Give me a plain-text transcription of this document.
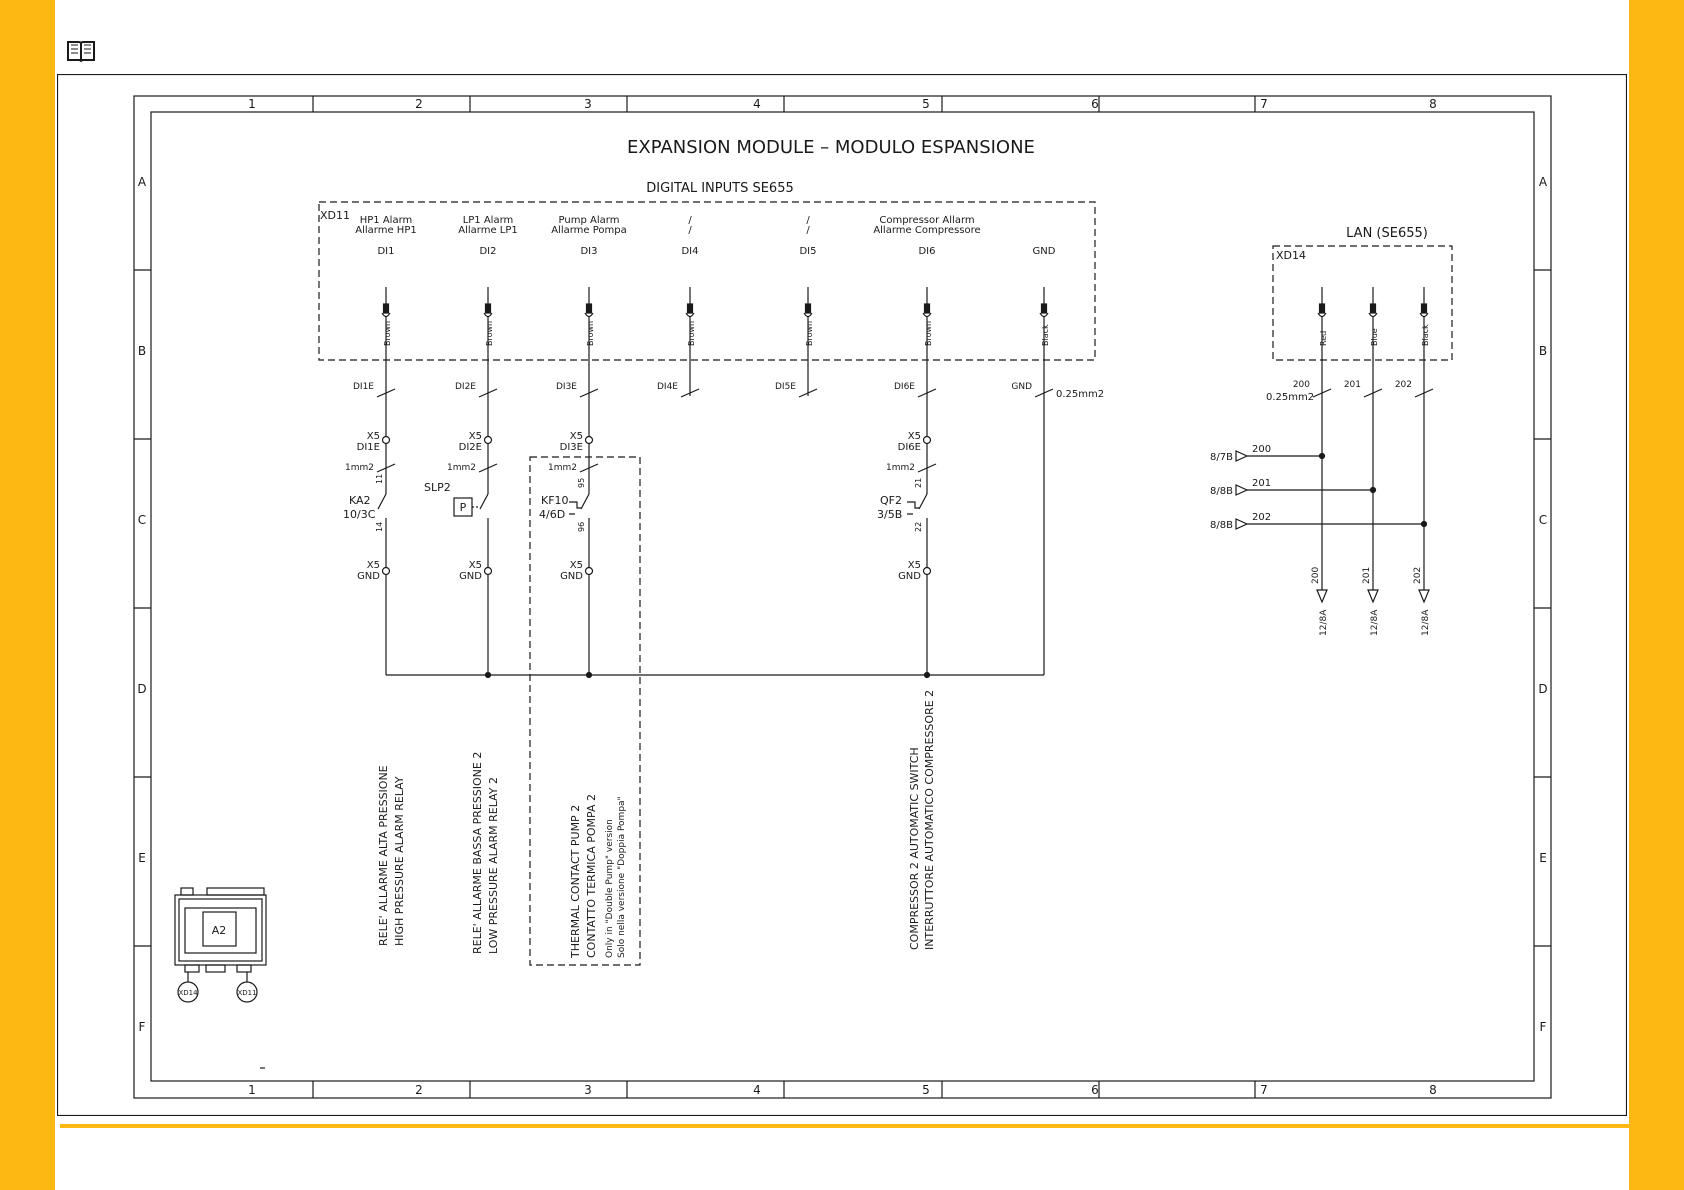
1	2	3	4	5	6	7	8
1	2	3	4	5	6	7	8
A
B
C
D
E
F
A
B
C
D
E
F
EXPANSION MODULE – MODULO ESPANSIONE
DIGITAL INPUTS SE655
XD11 HP1 Alarm
Allarme HP1
DI1
Brown
DI1E
LP1 Alarm
Allarme LP1
DI2
Brown
DI2E
Pump Alarm
Allarme Pompa
DI3
Brown
DI3E
/
/
DI4
Brown
DI4E
/
/
DI5
Brown
DI5E
Compressor Allarm
Allarme Compressore
DI6
Brown
DI6E
GND
Black
GND
0.25mm2
X5
DI1E
1mm2
X5
GND
X5
DI2E
1mm2
X5
GND
X5
DI3E
1mm2
X5
GND
X5
DI6E
1mm2
X5
GND
KA2
10/3C
11
14
SLP2
P
KF10
4/6D
95
96
QF2
3/5B
21
22
RELE' ALLARME ALTA PRESSIONE HIGH PRESSURE ALARM RELAY	RELE' ALLARME BASSA PRESSIONE 2 LOW PRESSURE ALARM RELAY 2	THERMAL CONTACT PUMP 2 CONTATTO TERMICA POMPA 2 Only in "Double Pump" version Solo nella versione "Doppia Pompa"	COMPRESSOR 2 AUTOMATIC SWITCH INTERRUTTORE AUTOMATICO COMPRESSORE 2
LAN (SE655)
XD14
0.25mm2
Red
200
8/7B
200
200
12/8A
Blue
201
8/8B
201
201
12/8A
Black
202
8/8B
202
202
12/8A
A2
XD14	XD11
